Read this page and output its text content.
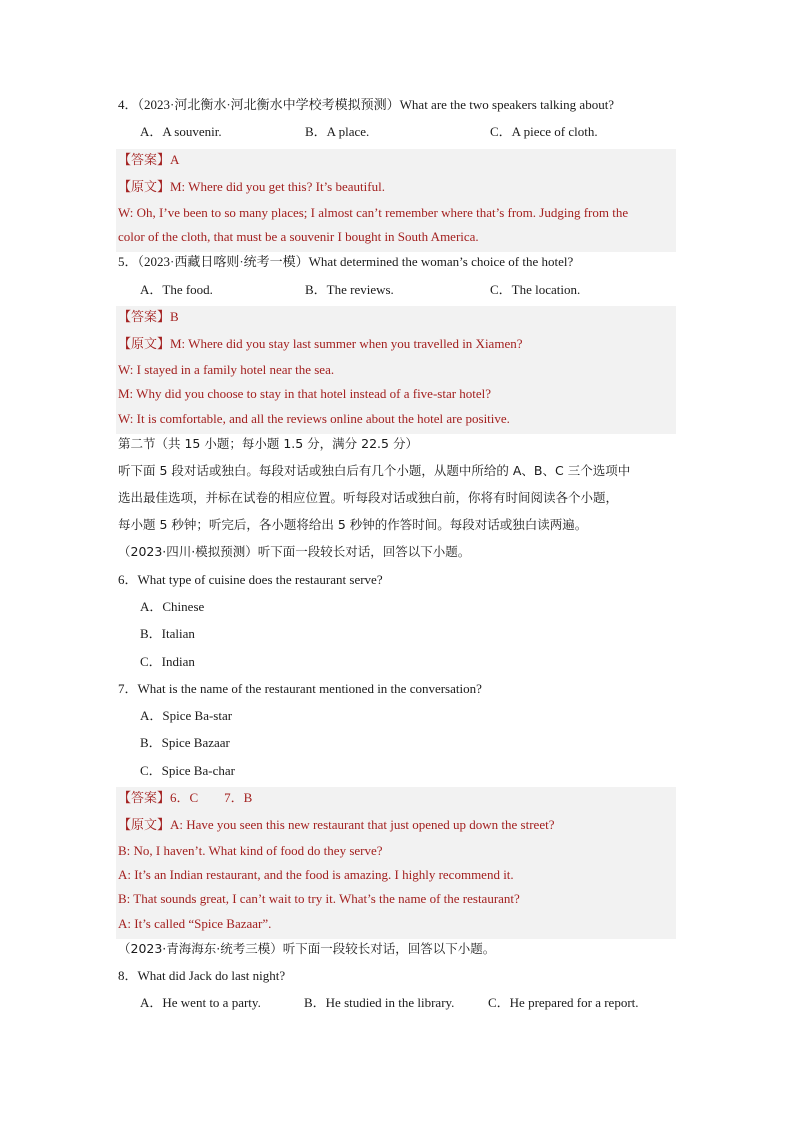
4．（2023·河北衡水·河北衡水中学校考模拟预测）What are the two speakers talking about?
A．A souvenir.	B．A place.	C．A piece of cloth.
【答案】A
【原文】M: Where did you get this? It’s beautiful.
W: Oh, I’ve been to so many places; I almost can’t remember where that’s from. Judging from the
color of the cloth, that must be a souvenir I bought in South America.
5．（2023·西藏日喀则·统考一模）What determined the woman’s choice of the hotel?
A．The food.	B．The reviews.	C．The location.
【答案】B
【原文】M: Where did you stay last summer when you travelled in Xiamen?
W: I stayed in a family hotel near the sea.
M: Why did you choose to stay in that hotel instead of a five-star hotel?
W: It is comfortable, and all the reviews online about the hotel are positive.
第二节（共 15 小题；每小题 1.5 分，满分 22.5 分）
听下面 5 段对话或独白。每段对话或独白后有几个小题，从题中所给的 A、B、C 三个选项中
选出最佳选项，并标在试卷的相应位置。听每段对话或独白前，你将有时间阅读各个小题，
每小题 5 秒钟；听完后，各小题将给出 5 秒钟的作答时间。每段对话或独白读两遍。
（2023·四川·模拟预测）听下面一段较长对话，回答以下小题。
6．What type of cuisine does the restaurant serve?
A．Chinese
B．Italian
C．Indian
7．What is the name of the restaurant mentioned in the conversation?
A．Spice Ba-star
B．Spice Bazaar
C．Spice Ba-char
【答案】6．C　　7．B
【原文】A: Have you seen this new restaurant that just opened up down the street?
B: No, I haven’t. What kind of food do they serve?
A: It’s an Indian restaurant, and the food is amazing. I highly recommend it.
B: That sounds great, I can’t wait to try it. What’s the name of the restaurant?
A: It’s called “Spice Bazaar”.
（2023·青海海东·统考三模）听下面一段较长对话，回答以下小题。
8．What did Jack do last night?
A．He went to a party.	B．He studied in the library.	C．He prepared for a report.
